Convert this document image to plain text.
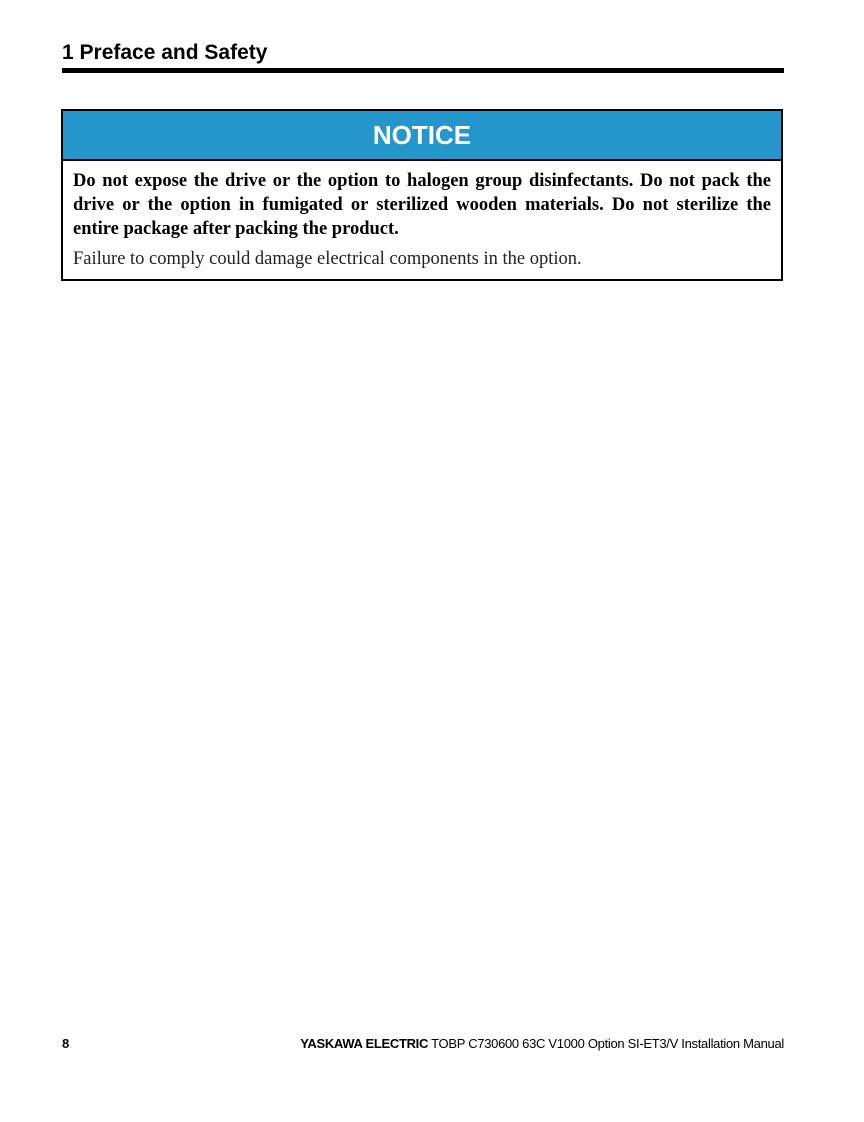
1 Preface and Safety
NOTICE
Do not expose the drive or the option to halogen group disinfectants. Do not pack the drive or the option in fumigated or sterilized wooden materials. Do not sterilize the entire package after packing the product.
Failure to comply could damage electrical components in the option.
8	YASKAWA ELECTRIC TOBP C730600 63C V1000 Option SI-ET3/V Installation Manual
